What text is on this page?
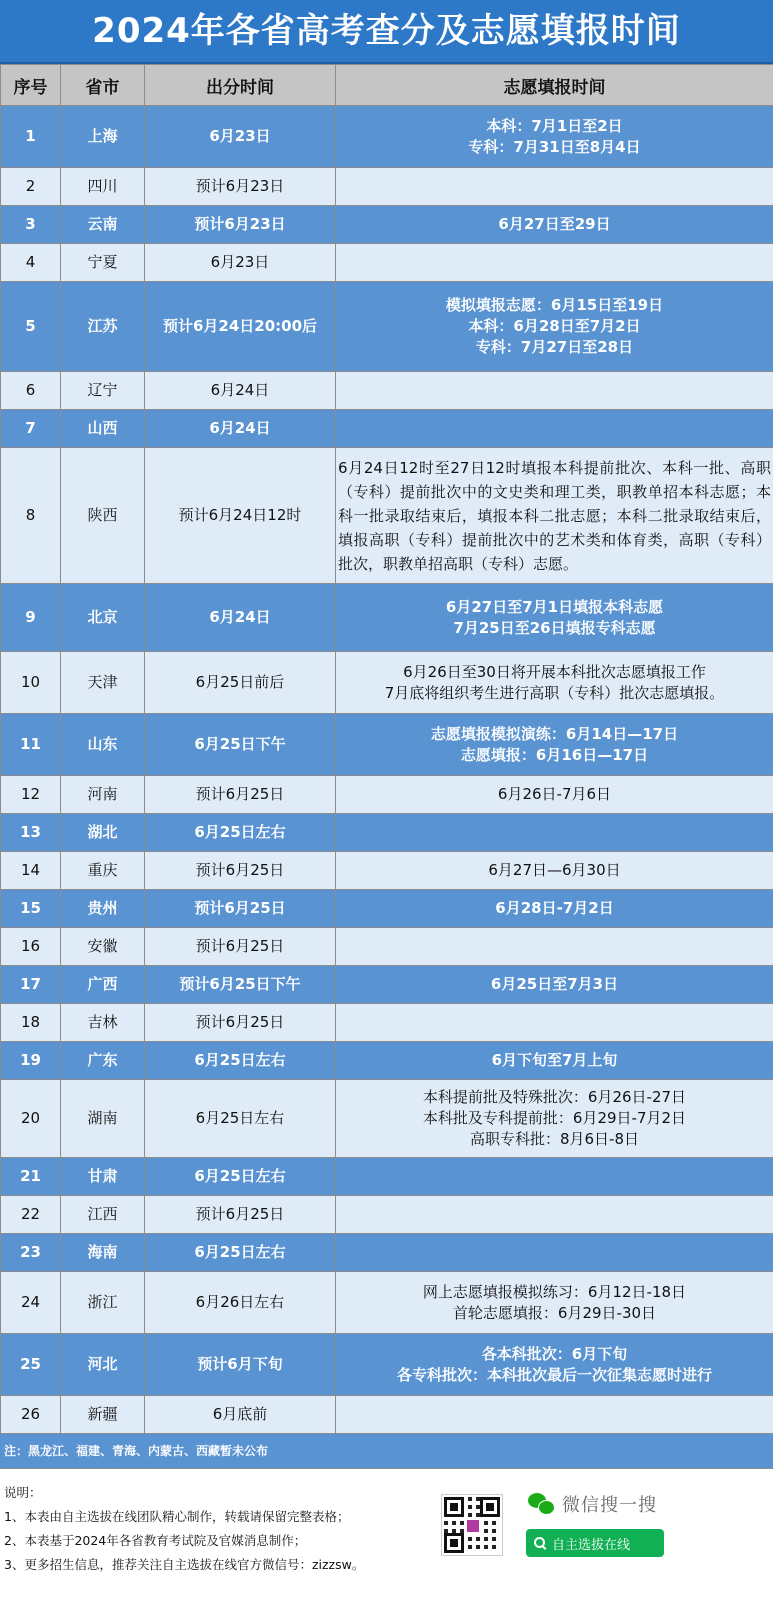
2024年各省高考查分及志愿填报时间
序号	省市	出分时间	志愿填报时间
1	上海	6月23日	本科：7月1日至2日
专科：7月31日至8月4日

2	四川	预计6月23日	
3	云南	预计6月23日	6月27日至29日

4	宁夏	6月23日	
5	江苏	预计6月24日20:00后	模拟填报志愿：6月15日至19日
本科：6月28日至7月2日
专科：7月27日至28日

6	辽宁	6月24日	
7	山西	6月24日	
8	陕西	预计6月24日12时	6月24日12时至27日12时填报本科提前批次、本科一批、高职（专科）提前批次中的文史类和理工类，职教单招本科志愿；本科一批录取结束后，填报本科二批志愿；本科二批录取结束后，填报高职（专科）提前批次中的艺术类和体育类，高职（专科）批次，职教单招高职（专科）志愿。

9	北京	6月24日	6月27日至7月1日填报本科志愿
7月25日至26日填报专科志愿

10	天津	6月25日前后	6月26日至30日将开展本科批次志愿填报工作
7月底将组织考生进行高职（专科）批次志愿填报。

11	山东	6月25日下午	志愿填报模拟演练：6月14日—17日
志愿填报：6月16日—17日

12	河南	预计6月25日	6月26日-7月6日

13	湖北	6月25日左右	
14	重庆	预计6月25日	6月27日—6月30日

15	贵州	预计6月25日	6月28日-7月2日

16	安徽	预计6月25日	
17	广西	预计6月25日下午	6月25日至7月3日

18	吉林	预计6月25日	
19	广东	6月25日左右	6月下旬至7月上旬

20	湖南	6月25日左右	本科提前批及特殊批次：6月26日-27日
本科批及专科提前批：6月29日-7月2日
高职专科批：8月6日-8日

21	甘肃	6月25日左右	
22	江西	预计6月25日	
23	海南	6月25日左右	
24	浙江	6月26日左右	网上志愿填报模拟练习：6月12日-18日
首轮志愿填报：6月29日-30日

25	河北	预计6月下旬	各本科批次：6月下旬
各专科批次：本科批次最后一次征集志愿时进行

26	新疆	6月底前	
注：黑龙江、福建、青海、内蒙古、西藏暂未公布
说明：
1、本表由自主选拔在线团队精心制作，转载请保留完整表格；
2、本表基于2024年各省教育考试院及官媒消息制作；
3、更多招生信息，推荐关注自主选拔在线官方微信号：zizzsw。
微信搜一搜
自主选拔在线
